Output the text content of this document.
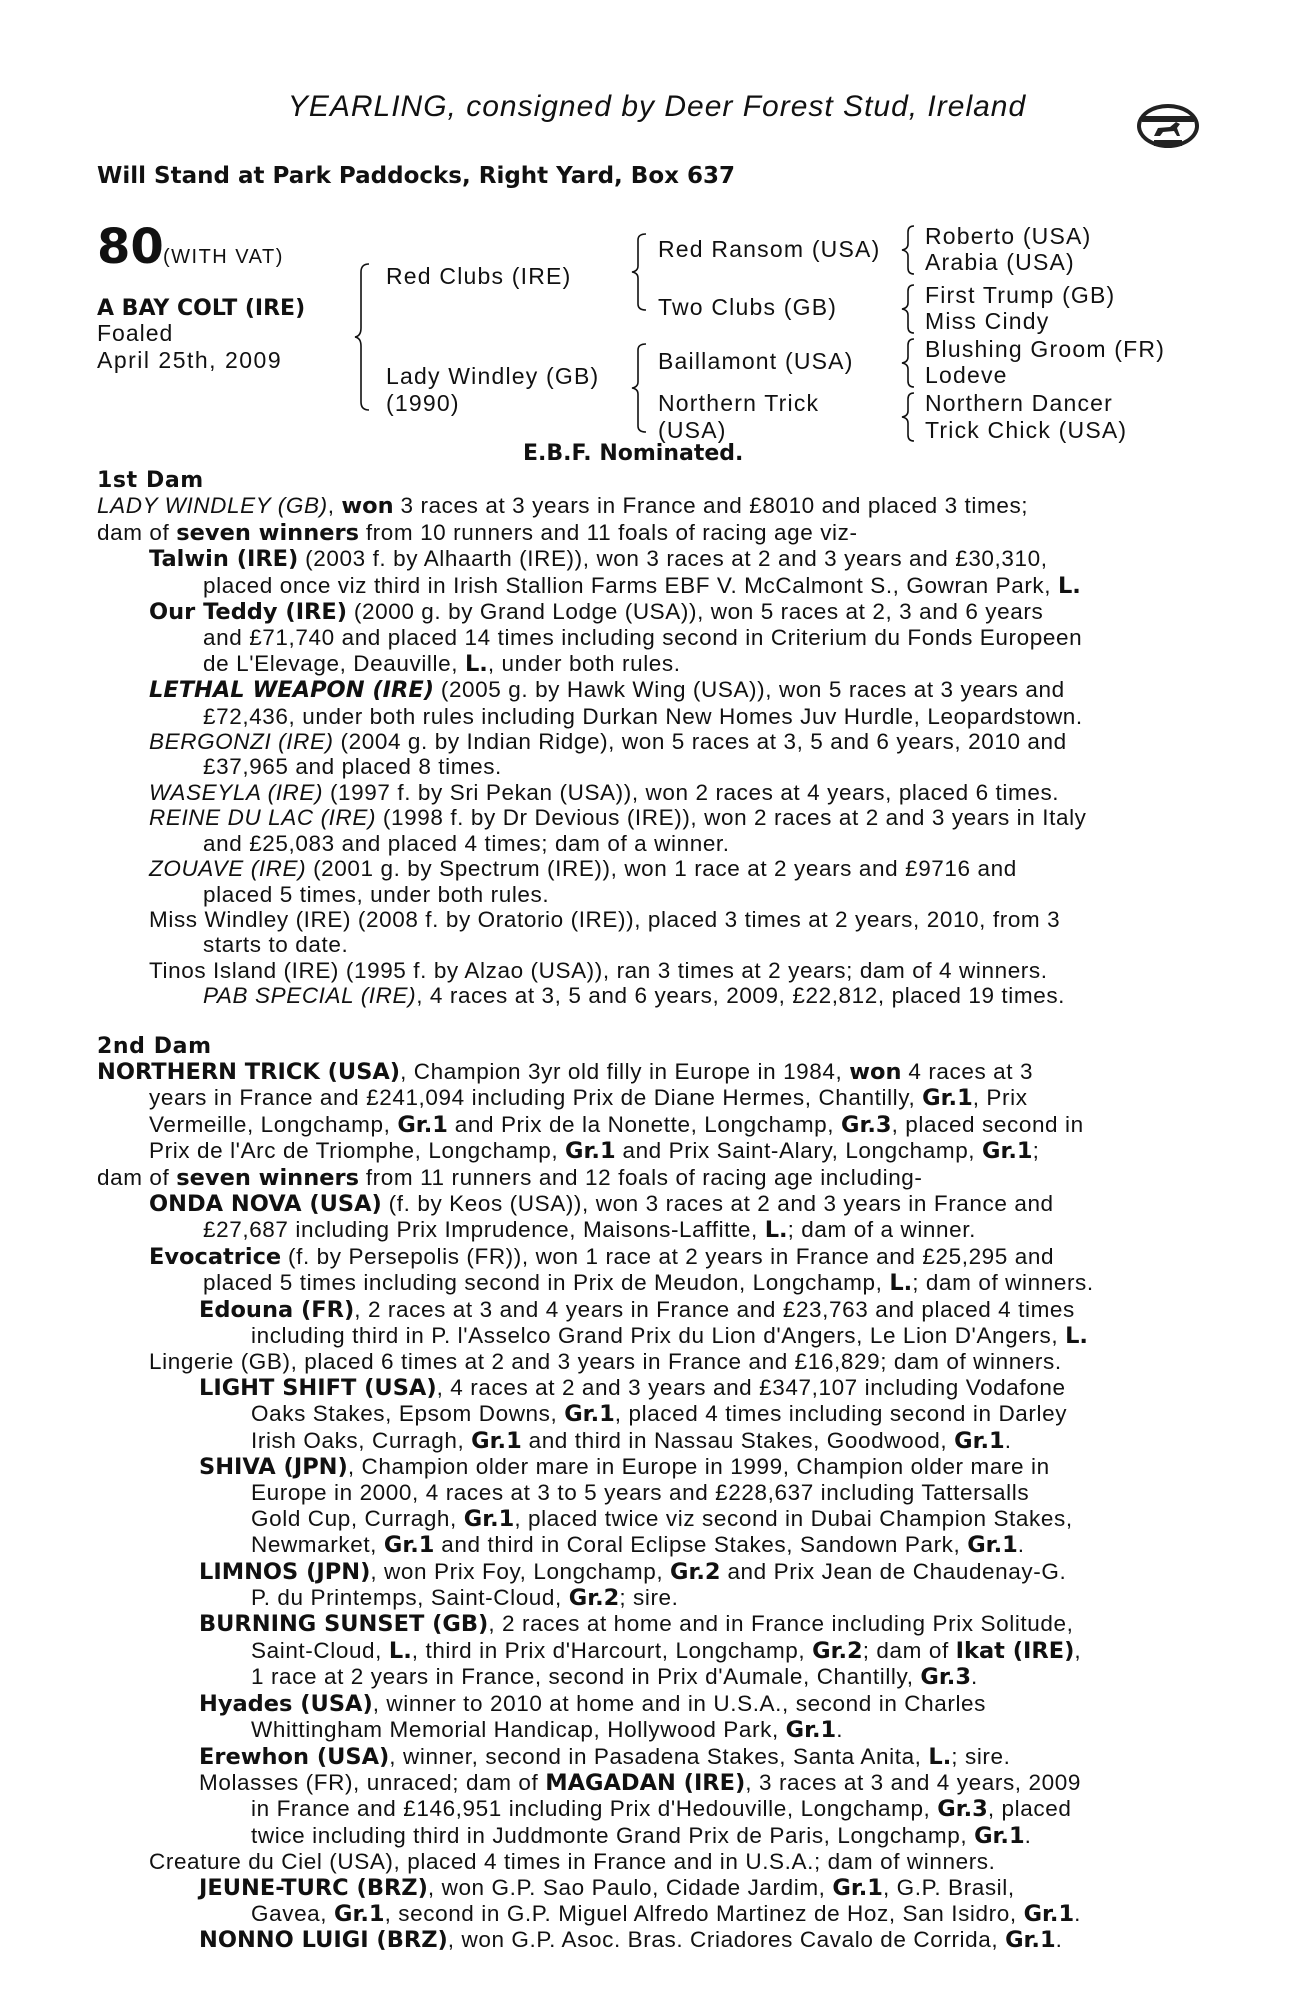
YEARLING, consigned by Deer Forest Stud, Ireland
Will Stand at Park Paddocks, Right Yard, Box 637
80 (WITH VAT)
A BAY COLT (IRE)
Foaled
April 25th, 2009
Red Clubs (IRE)
Lady Windley (GB)
(1990)
Red Ransom (USA)
Two Clubs (GB)
Baillamont (USA)
Northern Trick
(USA)
Roberto (USA)
Arabia (USA)
First Trump (GB)
Miss Cindy
Blushing Groom (FR)
Lodeve
Northern Dancer
Trick Chick (USA)
E.B.F. Nominated.
1st Dam
LADY WINDLEY (GB), won 3 races at 3 years in France and £8010 and placed 3 times;
dam of seven winners from 10 runners and 11 foals of racing age viz-
Talwin (IRE) (2003 f. by Alhaarth (IRE)), won 3 races at 2 and 3 years and £30,310,
placed once viz third in Irish Stallion Farms EBF V. McCalmont S., Gowran Park, L.
Our Teddy (IRE) (2000 g. by Grand Lodge (USA)), won 5 races at 2, 3 and 6 years
and £71,740 and placed 14 times including second in Criterium du Fonds Europeen
de L'Elevage, Deauville, L., under both rules.
LETHAL WEAPON (IRE) (2005 g. by Hawk Wing (USA)), won 5 races at 3 years and
£72,436, under both rules including Durkan New Homes Juv Hurdle, Leopardstown.
BERGONZI (IRE) (2004 g. by Indian Ridge), won 5 races at 3, 5 and 6 years, 2010 and
£37,965 and placed 8 times.
WASEYLA (IRE) (1997 f. by Sri Pekan (USA)), won 2 races at 4 years, placed 6 times.
REINE DU LAC (IRE) (1998 f. by Dr Devious (IRE)), won 2 races at 2 and 3 years in Italy
and £25,083 and placed 4 times; dam of a winner.
ZOUAVE (IRE) (2001 g. by Spectrum (IRE)), won 1 race at 2 years and £9716 and
placed 5 times, under both rules.
Miss Windley (IRE) (2008 f. by Oratorio (IRE)), placed 3 times at 2 years, 2010, from 3
starts to date.
Tinos Island (IRE) (1995 f. by Alzao (USA)), ran 3 times at 2 years; dam of 4 winners.
PAB SPECIAL (IRE), 4 races at 3, 5 and 6 years, 2009, £22,812, placed 19 times.
2nd Dam
NORTHERN TRICK (USA), Champion 3yr old filly in Europe in 1984, won 4 races at 3
years in France and £241,094 including Prix de Diane Hermes, Chantilly, Gr.1, Prix
Vermeille, Longchamp, Gr.1 and Prix de la Nonette, Longchamp, Gr.3, placed second in
Prix de l'Arc de Triomphe, Longchamp, Gr.1 and Prix Saint-Alary, Longchamp, Gr.1;
dam of seven winners from 11 runners and 12 foals of racing age including-
ONDA NOVA (USA) (f. by Keos (USA)), won 3 races at 2 and 3 years in France and
£27,687 including Prix Imprudence, Maisons-Laffitte, L.; dam of a winner.
Evocatrice (f. by Persepolis (FR)), won 1 race at 2 years in France and £25,295 and
placed 5 times including second in Prix de Meudon, Longchamp, L.; dam of winners.
Edouna (FR), 2 races at 3 and 4 years in France and £23,763 and placed 4 times
including third in P. l'Asselco Grand Prix du Lion d'Angers, Le Lion D'Angers, L.
Lingerie (GB), placed 6 times at 2 and 3 years in France and £16,829; dam of winners.
LIGHT SHIFT (USA), 4 races at 2 and 3 years and £347,107 including Vodafone
Oaks Stakes, Epsom Downs, Gr.1, placed 4 times including second in Darley
Irish Oaks, Curragh, Gr.1 and third in Nassau Stakes, Goodwood, Gr.1.
SHIVA (JPN), Champion older mare in Europe in 1999, Champion older mare in
Europe in 2000, 4 races at 3 to 5 years and £228,637 including Tattersalls
Gold Cup, Curragh, Gr.1, placed twice viz second in Dubai Champion Stakes,
Newmarket, Gr.1 and third in Coral Eclipse Stakes, Sandown Park, Gr.1.
LIMNOS (JPN), won Prix Foy, Longchamp, Gr.2 and Prix Jean de Chaudenay-G.
P. du Printemps, Saint-Cloud, Gr.2; sire.
BURNING SUNSET (GB), 2 races at home and in France including Prix Solitude,
Saint-Cloud, L., third in Prix d'Harcourt, Longchamp, Gr.2; dam of Ikat (IRE),
1 race at 2 years in France, second in Prix d'Aumale, Chantilly, Gr.3.
Hyades (USA), winner to 2010 at home and in U.S.A., second in Charles
Whittingham Memorial Handicap, Hollywood Park, Gr.1.
Erewhon (USA), winner, second in Pasadena Stakes, Santa Anita, L.; sire.
Molasses (FR), unraced; dam of MAGADAN (IRE), 3 races at 3 and 4 years, 2009
in France and £146,951 including Prix d'Hedouville, Longchamp, Gr.3, placed
twice including third in Juddmonte Grand Prix de Paris, Longchamp, Gr.1.
Creature du Ciel (USA), placed 4 times in France and in U.S.A.; dam of winners.
JEUNE-TURC (BRZ), won G.P. Sao Paulo, Cidade Jardim, Gr.1, G.P. Brasil,
Gavea, Gr.1, second in G.P. Miguel Alfredo Martinez de Hoz, San Isidro, Gr.1.
NONNO LUIGI (BRZ), won G.P. Asoc. Bras. Criadores Cavalo de Corrida, Gr.1.
